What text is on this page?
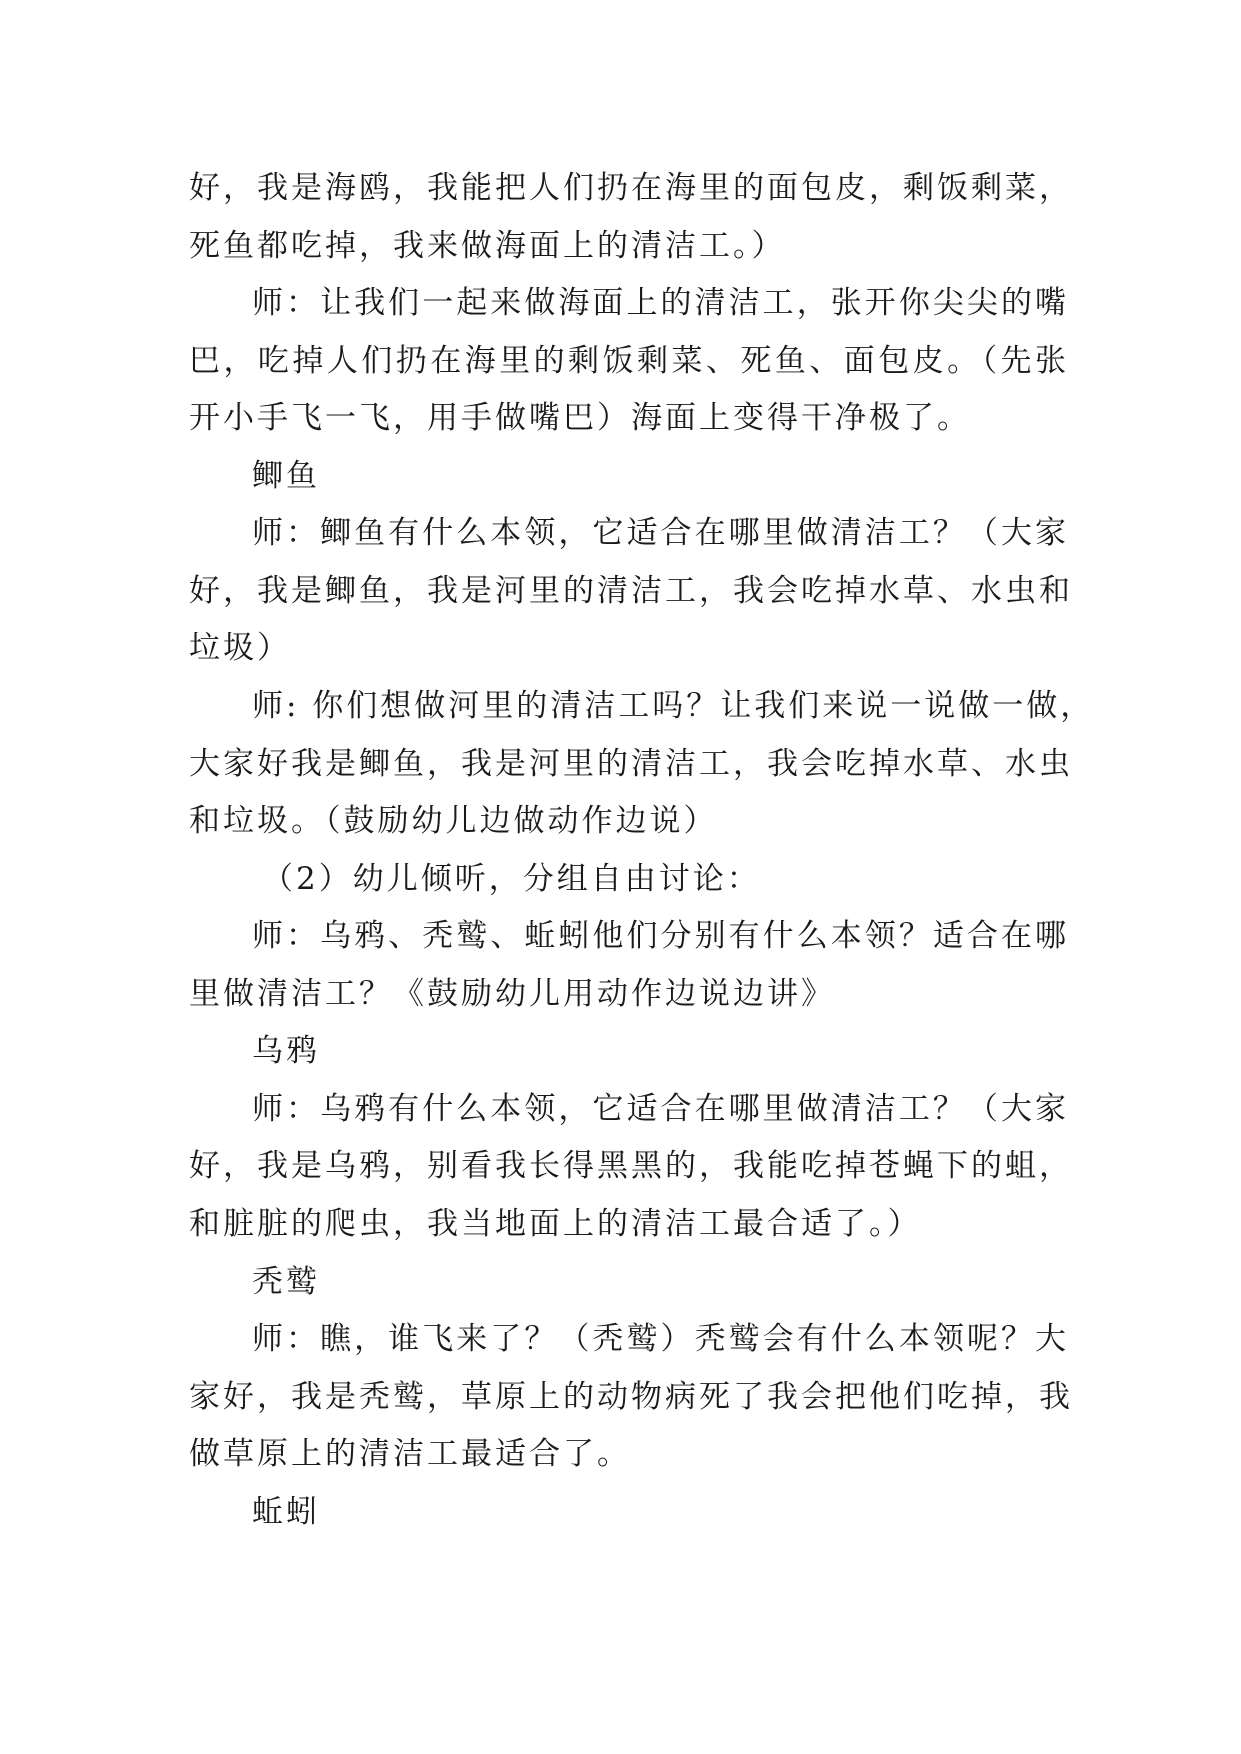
好，我是海鸥，我能把人们扔在海里的面包皮，剩饭剩菜，
死鱼都吃掉，我来做海面上的清洁工。）
师：让我们一起来做海面上的清洁工，张开你尖尖的嘴
巴，吃掉人们扔在海里的剩饭剩菜、死鱼、面包皮。（先张
开小手飞一飞，用手做嘴巴）海面上变得干净极了。
鲫鱼
师：鲫鱼有什么本领，它适合在哪里做清洁工？（大家
好，我是鲫鱼，我是河里的清洁工，我会吃掉水草、水虫和
垃圾）
师: 你们想做河里的清洁工吗？让我们来说一说做一做，
大家好我是鲫鱼，我是河里的清洁工，我会吃掉水草、水虫
和垃圾。（鼓励幼儿边做动作边说）
（2）幼儿倾听，分组自由讨论：
师：乌鸦、秃鹫、蚯蚓他们分别有什么本领？适合在哪
里做清洁工？《鼓励幼儿用动作边说边讲》
乌鸦
师：乌鸦有什么本领，它适合在哪里做清洁工？（大家
好，我是乌鸦，别看我长得黑黑的，我能吃掉苍蝇下的蛆，
和脏脏的爬虫，我当地面上的清洁工最合适了。）
秃鹫
师：瞧，谁飞来了？（秃鹫）秃鹫会有什么本领呢？大
家好，我是秃鹫，草原上的动物病死了我会把他们吃掉，我
做草原上的清洁工最适合了。
蚯蚓
